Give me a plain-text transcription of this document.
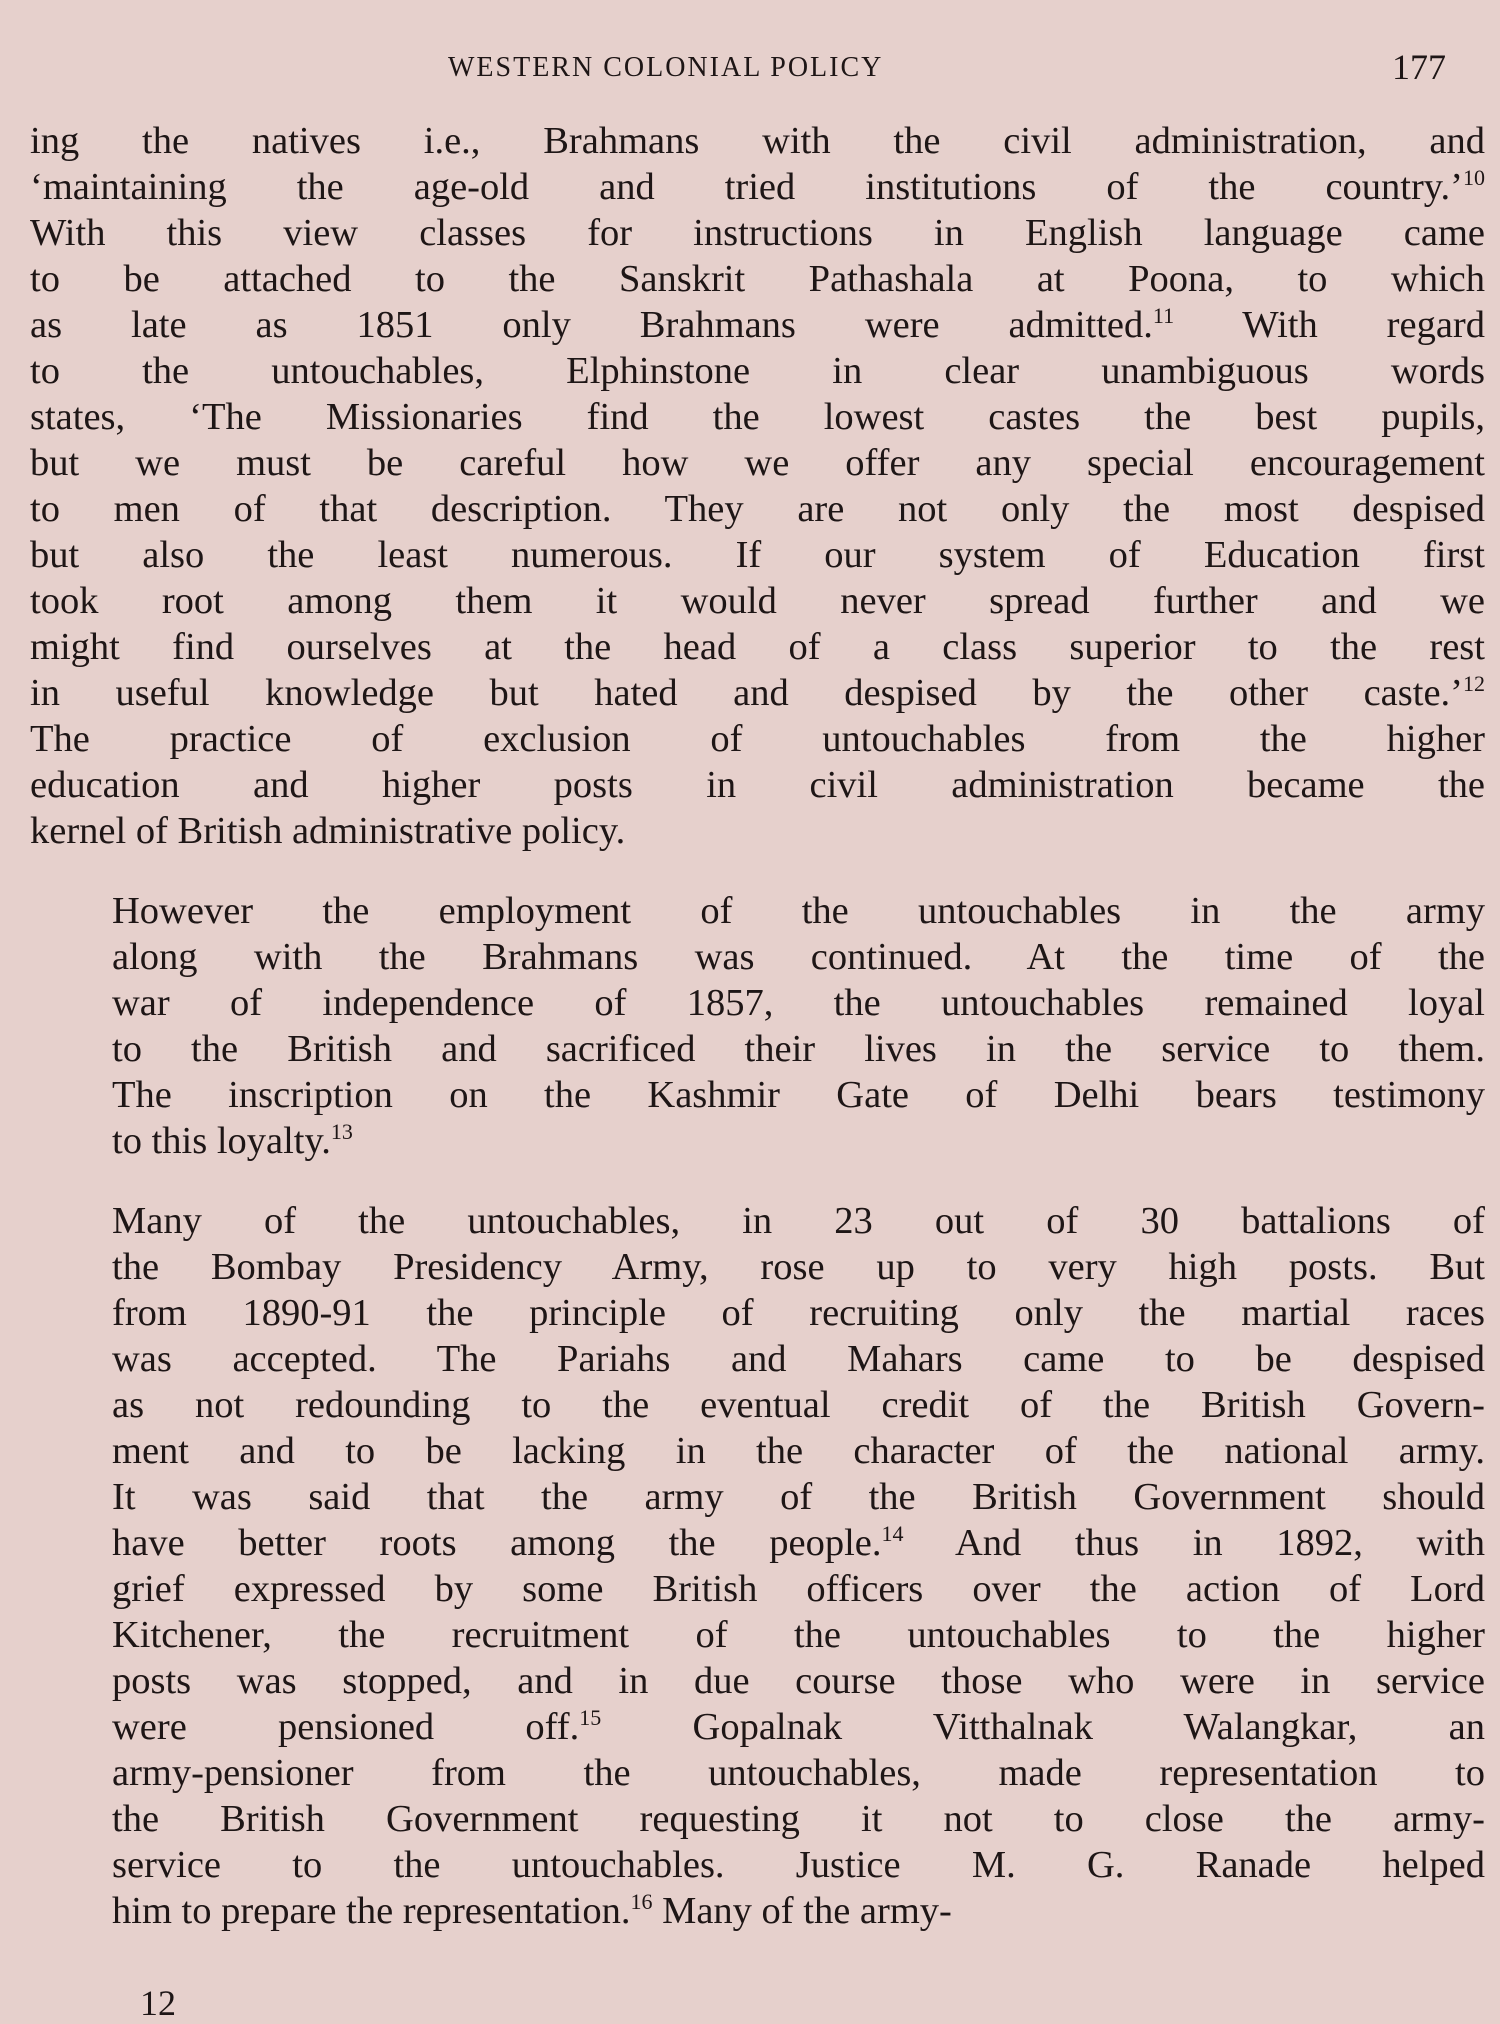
WESTERN COLONIAL POLICY	177
ing the natives i.e., Brahmans with the civil administration, and
‘maintaining the age-old and tried institutions of the country.’$^{10}$
With this view classes for instructions in English language came
to be attached to the Sanskrit Pathashala at Poona, to which
as late as 1851 only Brahmans were admitted.$^{11}$ With regard
to the untouchables, Elphinstone in clear unambiguous words
states, ‘The Missionaries find the lowest castes the best pupils,
but we must be careful how we offer any special encouragement
to men of that description. They are not only the most despised
but also the least numerous. If our system of Education first
took root among them it would never spread further and we
might find ourselves at the head of a class superior to the rest
in useful knowledge but hated and despised by the other caste.’$^{12}$
The practice of exclusion of untouchables from the higher
education and higher posts in civil administration became the
kernel of British administrative policy.
However the employment of the untouchables in the army
along with the Brahmans was continued. At the time of the
war of independence of 1857, the untouchables remained loyal
to the British and sacrificed their lives in the service to them.
The inscription on the Kashmir Gate of Delhi bears testimony
to this loyalty.$^{13}$
Many of the untouchables, in 23 out of 30 battalions of
the Bombay Presidency Army, rose up to very high posts. But
from 1890-91 the principle of recruiting only the martial races
was accepted. The Pariahs and Mahars came to be despised
as not redounding to the eventual credit of the British Govern-
ment and to be lacking in the character of the national army.
It was said that the army of the British Government should
have better roots among the people.$^{14}$ And thus in 1892, with
grief expressed by some British officers over the action of Lord
Kitchener, the recruitment of the untouchables to the higher
posts was stopped, and in due course those who were in service
were pensioned off.$^{15}$ Gopalnak Vitthalnak Walangkar, an
army-pensioner from the untouchables, made representation to
the British Government requesting it not to close the army-
service to the untouchables. Justice M. G. Ranade helped
him to prepare the representation.$^{16}$ Many of the army-
12
